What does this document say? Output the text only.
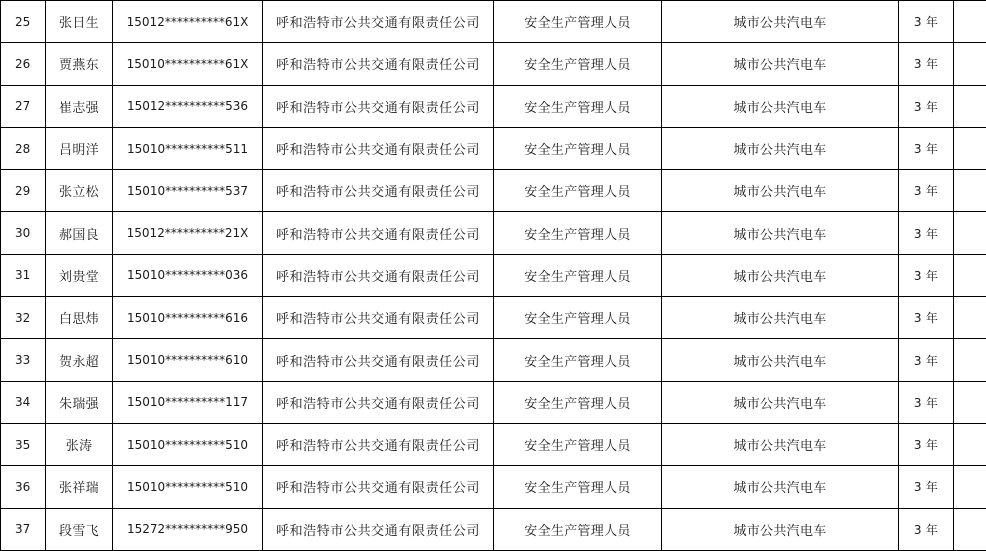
25	张日生	15012**********61X	呼和浩特市公共交通有限责任公司	安全生产管理人员	城市公共汽电车	3 年	
26	贾燕东	15010**********61X	呼和浩特市公共交通有限责任公司	安全生产管理人员	城市公共汽电车	3 年	
27	崔志强	15012**********536	呼和浩特市公共交通有限责任公司	安全生产管理人员	城市公共汽电车	3 年	
28	吕明洋	15010**********511	呼和浩特市公共交通有限责任公司	安全生产管理人员	城市公共汽电车	3 年	
29	张立松	15010**********537	呼和浩特市公共交通有限责任公司	安全生产管理人员	城市公共汽电车	3 年	
30	郝国良	15012**********21X	呼和浩特市公共交通有限责任公司	安全生产管理人员	城市公共汽电车	3 年	
31	刘贵堂	15010**********036	呼和浩特市公共交通有限责任公司	安全生产管理人员	城市公共汽电车	3 年	
32	白思炜	15010**********616	呼和浩特市公共交通有限责任公司	安全生产管理人员	城市公共汽电车	3 年	
33	贺永超	15010**********610	呼和浩特市公共交通有限责任公司	安全生产管理人员	城市公共汽电车	3 年	
34	朱瑞强	15010**********117	呼和浩特市公共交通有限责任公司	安全生产管理人员	城市公共汽电车	3 年	
35	张涛	15010**********510	呼和浩特市公共交通有限责任公司	安全生产管理人员	城市公共汽电车	3 年	
36	张祥瑞	15010**********510	呼和浩特市公共交通有限责任公司	安全生产管理人员	城市公共汽电车	3 年	
37	段雪飞	15272**********950	呼和浩特市公共交通有限责任公司	安全生产管理人员	城市公共汽电车	3 年	
